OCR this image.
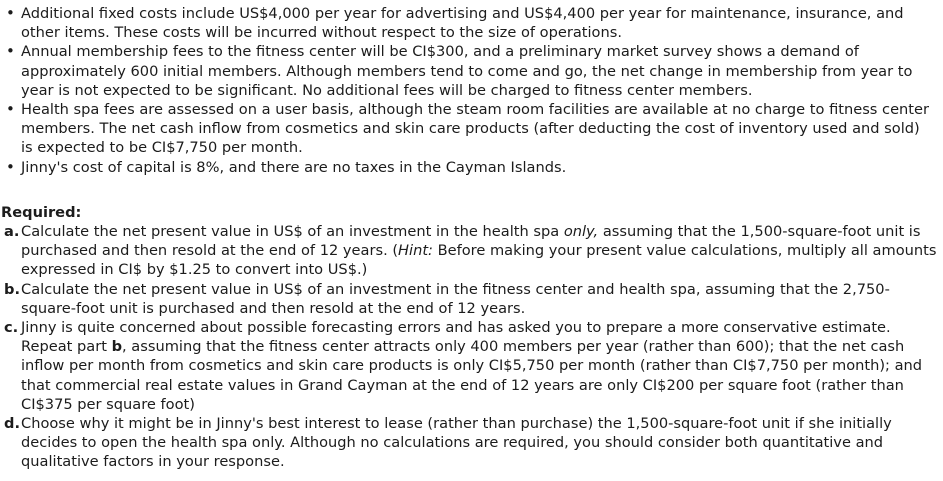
• Additional fixed costs include US$4,000 per year for advertising and US$4,400 per year for maintenance, insurance, and other items. These costs will be incurred without respect to the size of operations.
• Annual membership fees to the fitness center will be CI$300, and a preliminary market survey shows a demand of approximately 600 initial members. Although members tend to come and go, the net change in membership from year to year is not expected to be significant. No additional fees will be charged to fitness center members.
• Health spa fees are assessed on a user basis, although the steam room facilities are available at no charge to fitness center members. The net cash inflow from cosmetics and skin care products (after deducting the cost of inventory used and sold) is expected to be CI$7,750 per month.
• Jinny's cost of capital is 8%, and there are no taxes in the Cayman Islands.
Required:
a. Calculate the net present value in US$ of an investment in the health spa only, assuming that the 1,500-square-foot unit is purchased and then resold at the end of 12 years. (Hint: Before making your present value calculations, multiply all amounts expressed in CI$ by $1.25 to convert into US$.)
b. Calculate the net present value in US$ of an investment in the fitness center and health spa, assuming that the 2,750-square-foot unit is purchased and then resold at the end of 12 years.
c. Jinny is quite concerned about possible forecasting errors and has asked you to prepare a more conservative estimate. Repeat part b, assuming that the fitness center attracts only 400 members per year (rather than 600); that the net cash inflow per month from cosmetics and skin care products is only CI$5,750 per month (rather than CI$7,750 per month); and that commercial real estate values in Grand Cayman at the end of 12 years are only CI$200 per square foot (rather than CI$375 per square foot)
d. Choose why it might be in Jinny's best interest to lease (rather than purchase) the 1,500-square-foot unit if she initially decides to open the health spa only. Although no calculations are required, you should consider both quantitative and qualitative factors in your response.
